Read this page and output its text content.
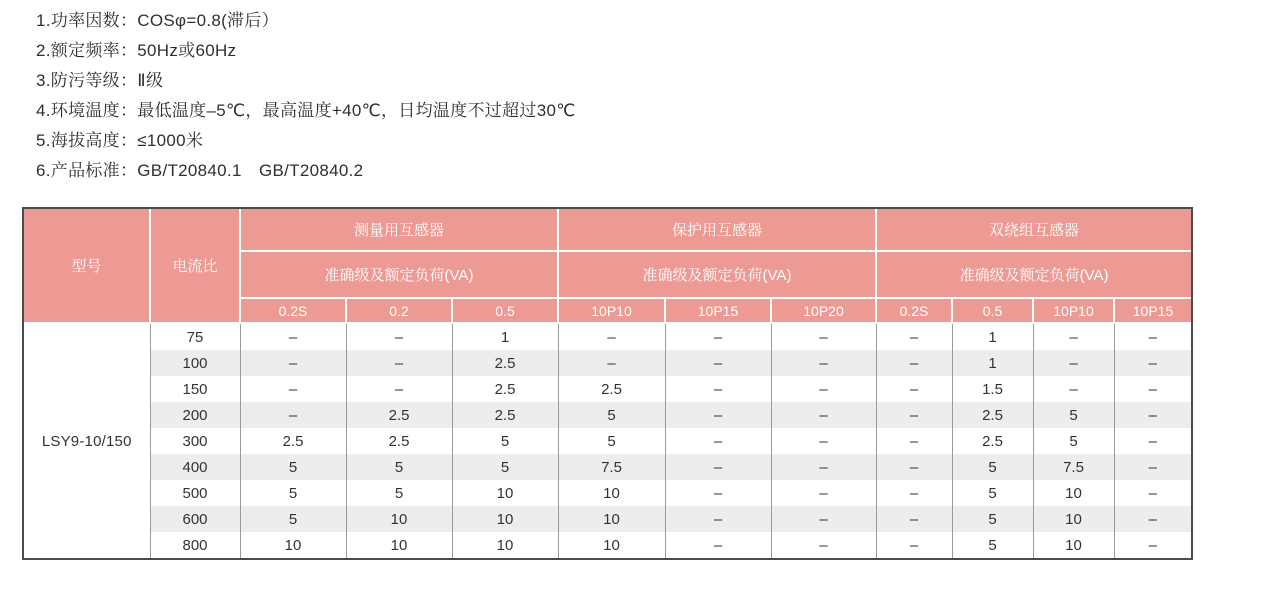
1.功率因数：COSφ=0.8(滞后）
2.额定频率：50Hz或60Hz
3.防污等级：Ⅱ级
4.环境温度：最低温度–5℃，最高温度+40℃，日均温度不过超过30℃
5.海拔高度：≤1000米
6.产品标准：GB/T20840.1　GB/T20840.2
型号	电流比	测量用互感器			保护用互感器			双绕组互感器			
		准确级及额定负荷(VA)			准确级及额定负荷(VA)			准确级及额定负荷(VA)			
		0.2S	0.2	0.5	10P10	10P15	10P20	0.2S	0.5	10P10	10P15
LSY9-10/150	75	–	–	1	–	–	–	–	1	–	–
	100	–	–	2.5	–	–	–	–	1	–	–
	150	–	–	2.5	2.5	–	–	–	1.5	–	–
	200	–	2.5	2.5	5	–	–	–	2.5	5	–
	300	2.5	2.5	5	5	–	–	–	2.5	5	–
	400	5	5	5	7.5	–	–	–	5	7.5	–
	500	5	5	10	10	–	–	–	5	10	–
	600	5	10	10	10	–	–	–	5	10	–
	800	10	10	10	10	–	–	–	5	10	–
